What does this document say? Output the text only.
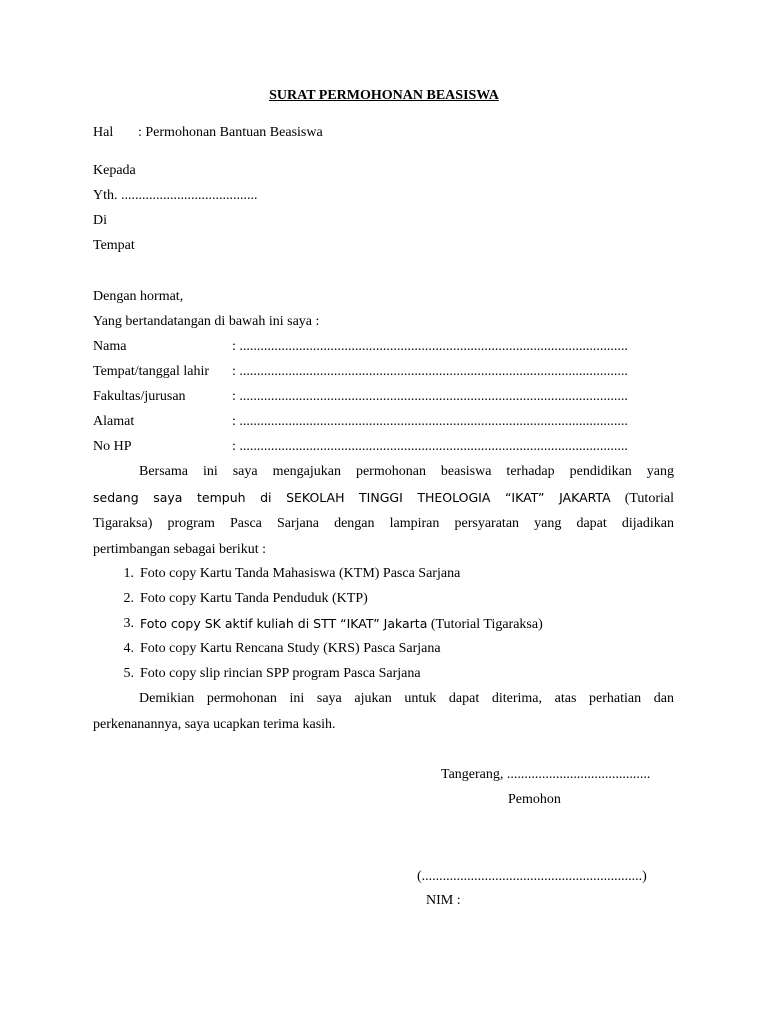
SURAT PERMOHONAN BEASISWA
Hal : Permohonan Bantuan Beasiswa
Kepada
Yth. .......................................
Di
Tempat
Dengan hormat,
Yang bertandatangan di bawah ini saya :
Nama	: ...............................................................................................................
Tempat/tanggal lahir : ...............................................................................................................
Fakultas/jurusan	: ...............................................................................................................
Alamat	: ...............................................................................................................
No HP	: ...............................................................................................................
Bersama ini saya mengajukan permohonan beasiswa terhadap pendidikan yang
sedang saya tempuh di SEKOLAH TINGGI THEOLOGIA “IKAT” JAKARTA (Tutorial
Tigaraksa) program Pasca Sarjana dengan lampiran persyaratan yang dapat dijadikan
pertimbangan sebagai berikut :
1. Foto copy Kartu Tanda Mahasiswa (KTM) Pasca Sarjana
2. Foto copy Kartu Tanda Penduduk (KTP)
3. Foto copy SK aktif kuliah di STT “IKAT” Jakarta (Tutorial Tigaraksa)
4. Foto copy Kartu Rencana Study (KRS) Pasca Sarjana
5. Foto copy slip rincian SPP program Pasca Sarjana
Demikian permohonan ini saya ajukan untuk dapat diterima, atas perhatian dan
perkenanannya, saya ucapkan terima kasih.
Tangerang, .........................................
Pemohon
(...............................................................)
NIM :
